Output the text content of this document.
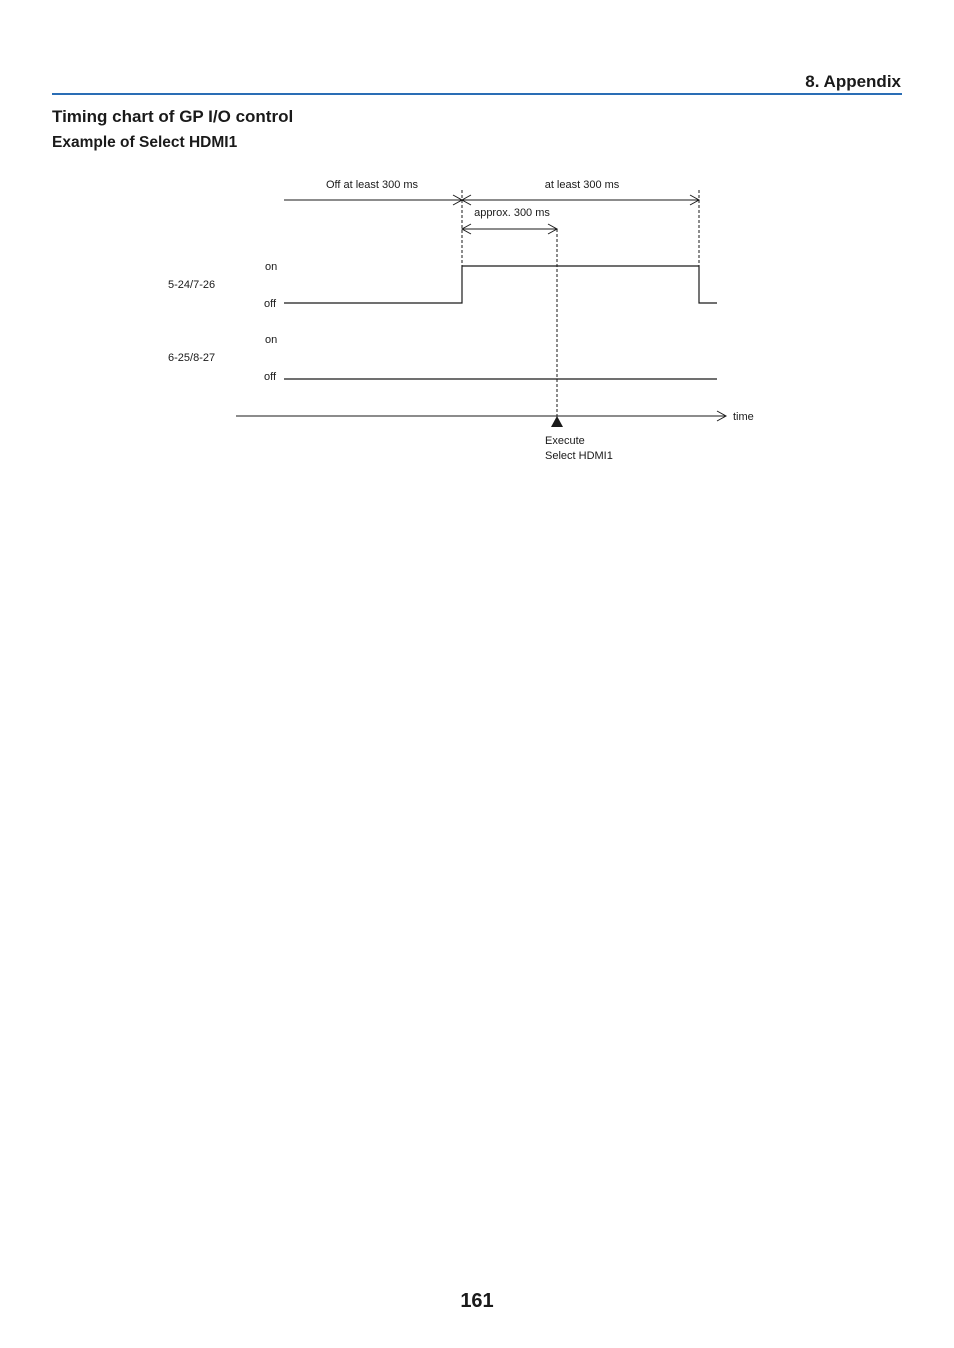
8. Appendix
Timing chart of GP I/O control
Example of Select HDMI1
Off at least 300 ms	at least 300 ms
approx. 300 ms
on
5-24/7-26
off
on
6-25/8-27
off
time
Execute
Select HDMI1
161
